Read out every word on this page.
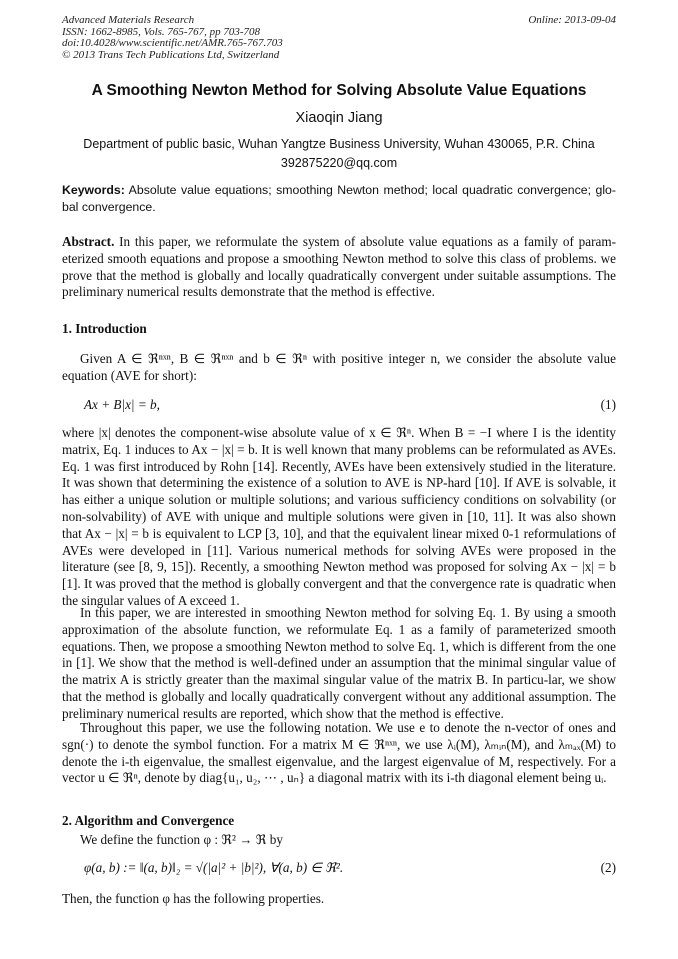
Advanced Materials Research
ISSN: 1662-8985, Vols. 765-767, pp 703-708
doi:10.4028/www.scientific.net/AMR.765-767.703
© 2013 Trans Tech Publications Ltd, Switzerland
Online: 2013-09-04
A Smoothing Newton Method for Solving Absolute Value Equations
Xiaoqin Jiang
Department of public basic, Wuhan Yangtze Business University, Wuhan 430065, P.R. China
392875220@qq.com
Keywords: Absolute value equations; smoothing Newton method; local quadratic convergence; glo-bal convergence.
Abstract. In this paper, we reformulate the system of absolute value equations as a family of param-eterized smooth equations and propose a smoothing Newton method to solve this class of problems. we prove that the method is globally and locally quadratically convergent under suitable assumptions. The preliminary numerical results demonstrate that the method is effective.
1. Introduction
Given A ∈ ℜⁿˣⁿ, B ∈ ℜⁿˣⁿ and b ∈ ℜⁿ with positive integer n, we consider the absolute value equation (AVE for short):
Ax + B|x| = b,	(1)
where |x| denotes the component-wise absolute value of x ∈ ℜⁿ. When B = −I where I is the identity matrix, Eq. 1 induces to Ax − |x| = b. It is well known that many problems can be reformulated as AVEs. Eq. 1 was first introduced by Rohn [14]. Recently, AVEs have been extensively studied in the literature. It was shown that determining the existence of a solution to AVE is NP-hard [10]. If AVE is solvable, it has either a unique solution or multiple solutions; and various sufficiency conditions on solvability (or non-solvability) of AVE with unique and multiple solutions were given in [10, 11]. It was also shown that Ax − |x| = b is equivalent to LCP [3, 10], and that the equivalent linear mixed 0-1 reformulations of AVEs were developed in [11]. Various numerical methods for solving AVEs were proposed in the literature (see [8, 9, 15]). Recently, a smoothing Newton method was proposed for solving Ax − |x| = b [1]. It was proved that the method is globally convergent and that the convergence rate is quadratic when the singular values of A exceed 1.
In this paper, we are interested in smoothing Newton method for solving Eq. 1. By using a smooth approximation of the absolute function, we reformulate Eq. 1 as a family of parameterized smooth equations. Then, we propose a smoothing Newton method to solve Eq. 1, which is different from the one in [1]. We show that the method is well-defined under an assumption that the minimal singular value of the matrix A is strictly greater than the maximal singular value of the matrix B. In particu-lar, we show that the method is globally and locally quadratically convergent without any additional assumption. The preliminary numerical results are reported, which show that the method is effective.
Throughout this paper, we use the following notation. We use e to denote the n-vector of ones and sgn(·) to denote the symbol function. For a matrix M ∈ ℜⁿˣⁿ, we use λᵢ(M), λₘᵢₙ(M), and λₘₐₓ(M) to denote the i-th eigenvalue, the smallest eigenvalue, and the largest eigenvalue of M, respectively. For a vector u ∈ ℜⁿ, denote by diag{u₁, u₂, ⋯ , uₙ} a diagonal matrix with its i-th diagonal element being uᵢ.
2. Algorithm and Convergence
We define the function φ : ℜ² → ℜ by
φ(a, b) := ‖(a, b)‖₂ = √(|a|² + |b|²), ∀(a, b) ∈ ℜ².	(2)
Then, the function φ has the following properties.
